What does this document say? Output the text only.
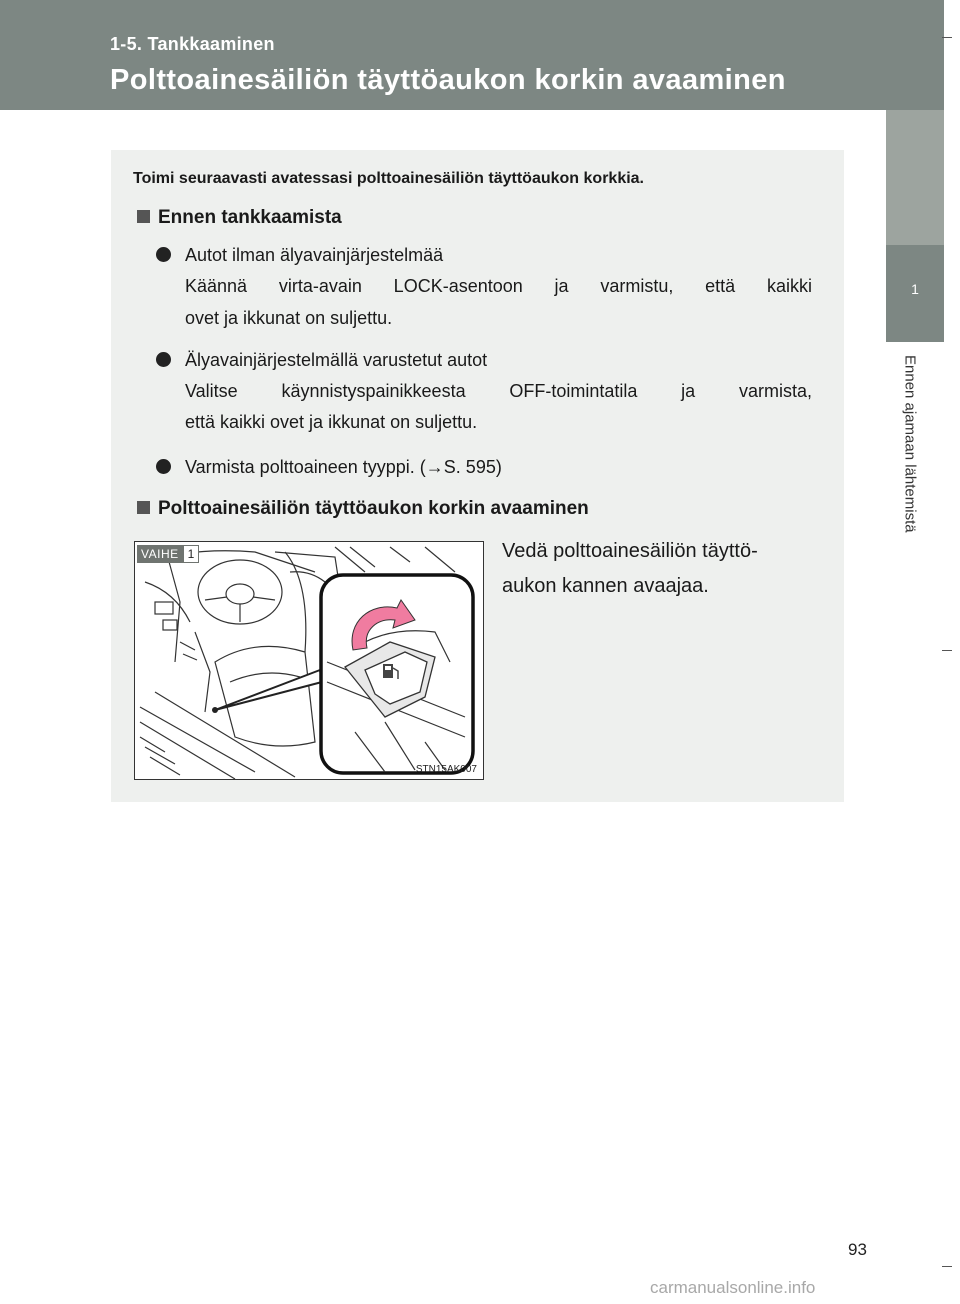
1-5. Tankkaaminen
Polttoainesäiliön täyttöaukon korkin avaaminen
1
Ennen ajamaan lähtemistä
Toimi seuraavasti avatessasi polttoainesäiliön täyttöaukon korkkia.
Ennen tankkaamista
Autot ilman älyavainjärjestelmää
Käännä virta-avain LOCK-asentoon ja varmistu, että kaikki
ovet ja ikkunat on suljettu.
Älyavainjärjestelmällä varustetut autot
Valitse käynnistyspainikkeesta OFF-toimintatila ja varmista,
että kaikki ovet ja ikkunat on suljettu.
Varmista polttoaineen tyyppi. (→S. 595)
Polttoainesäiliön täyttöaukon korkin avaaminen
VAIHE 1
STN15AK007
Vedä polttoainesäiliön täyttö-
aukon kannen avaajaa.
93
carmanualsonline.info
